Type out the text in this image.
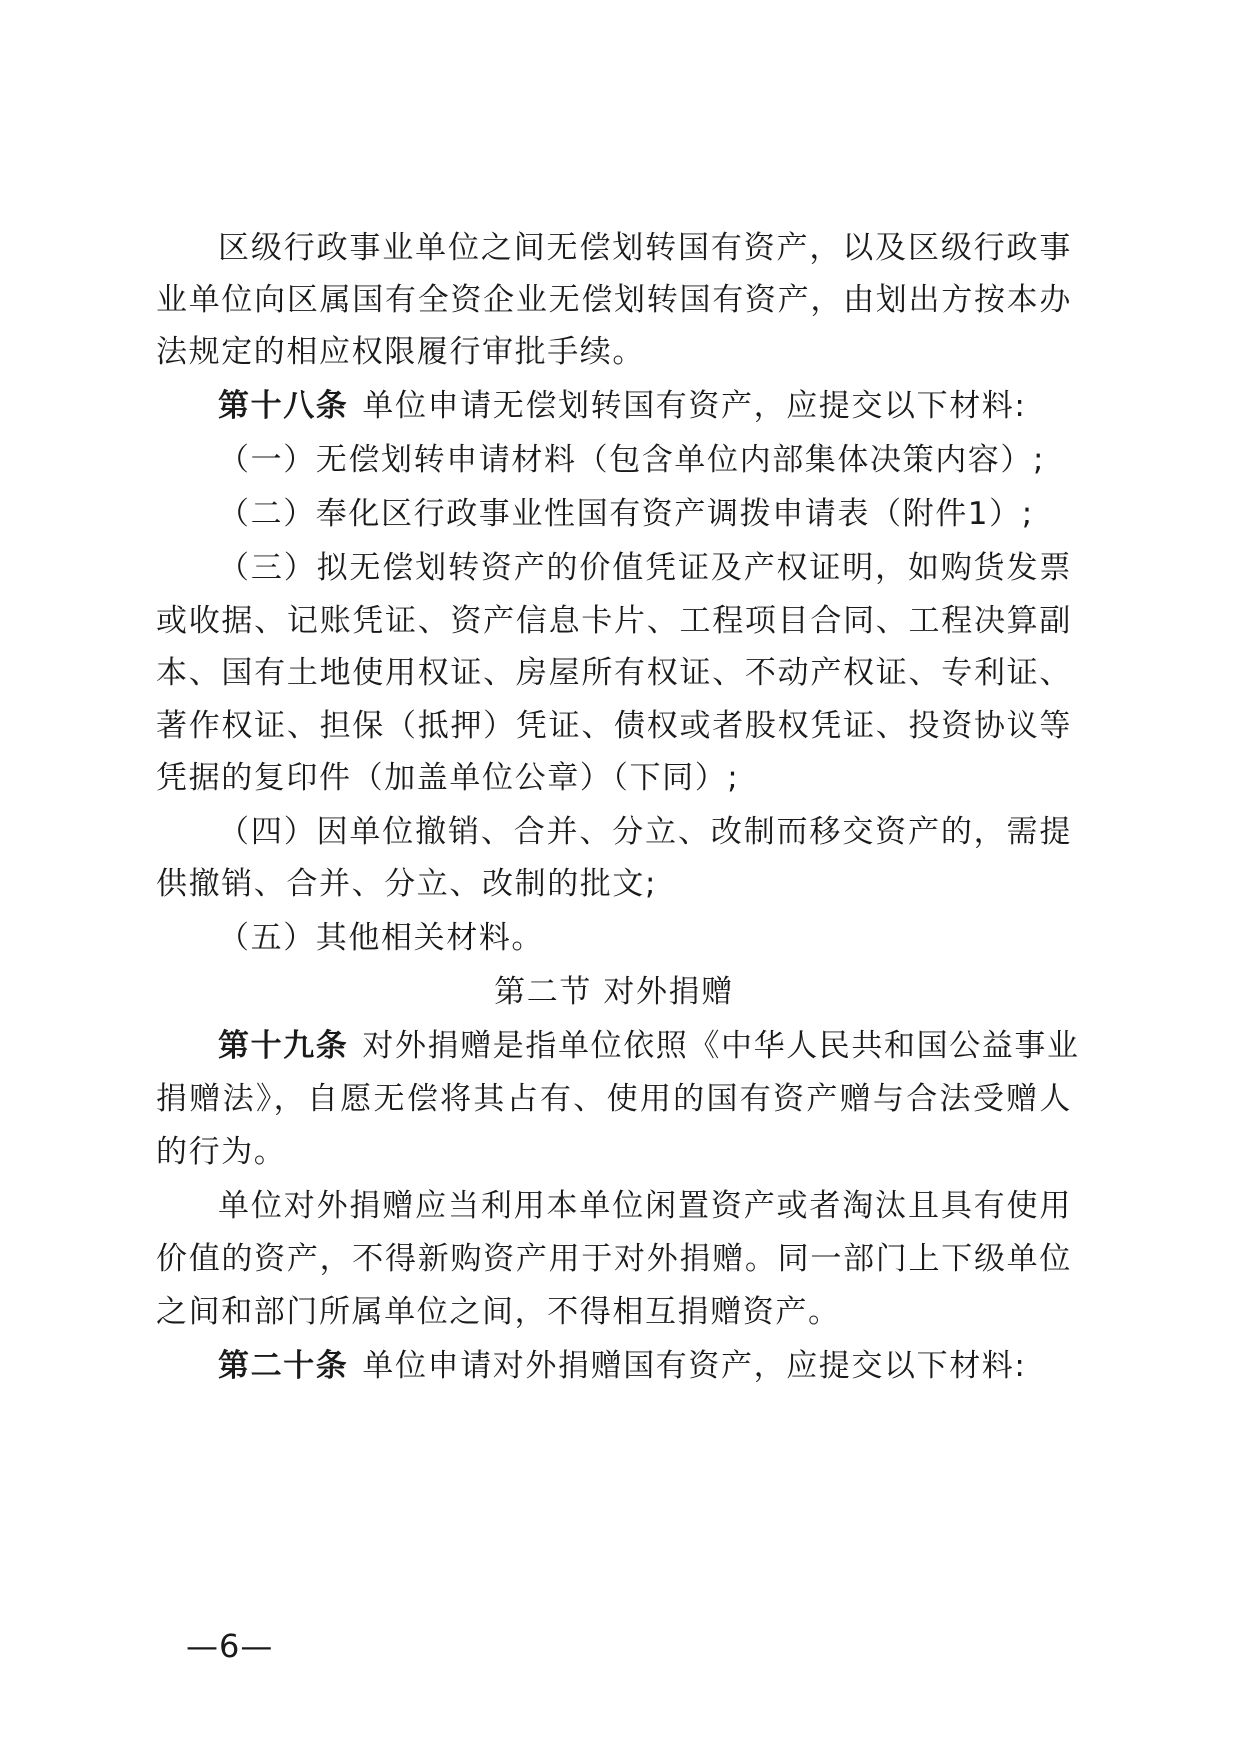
区级行政事业单位之间无偿划转国有资产，以及区级行政事
业单位向区属国有全资企业无偿划转国有资产，由划出方按本办
法规定的相应权限履行审批手续。
第十八条 单位申请无偿划转国有资产，应提交以下材料:
（一）无偿划转申请材料（包含单位内部集体决策内容）;
（二）奉化区行政事业性国有资产调拨申请表（附件1）;
（三）拟无偿划转资产的价值凭证及产权证明，如购货发票
或收据、记账凭证、资产信息卡片、工程项目合同、工程决算副
本、国有土地使用权证、房屋所有权证、不动产权证、专利证、
著作权证、担保（抵押）凭证、债权或者股权凭证、投资协议等
凭据的复印件（加盖单位公章）（下同）;
（四）因单位撤销、合并、分立、改制而移交资产的，需提
供撤销、合并、分立、改制的批文;
（五）其他相关材料。
第二节 对外捐赠
第十九条 对外捐赠是指单位依照《中华人民共和国公益事业
捐赠法》，自愿无偿将其占有、使用的国有资产赠与合法受赠人
的行为。
单位对外捐赠应当利用本单位闲置资产或者淘汰且具有使用
价值的资产，不得新购资产用于对外捐赠。同一部门上下级单位
之间和部门所属单位之间，不得相互捐赠资产。
第二十条 单位申请对外捐赠国有资产，应提交以下材料:
—6—
